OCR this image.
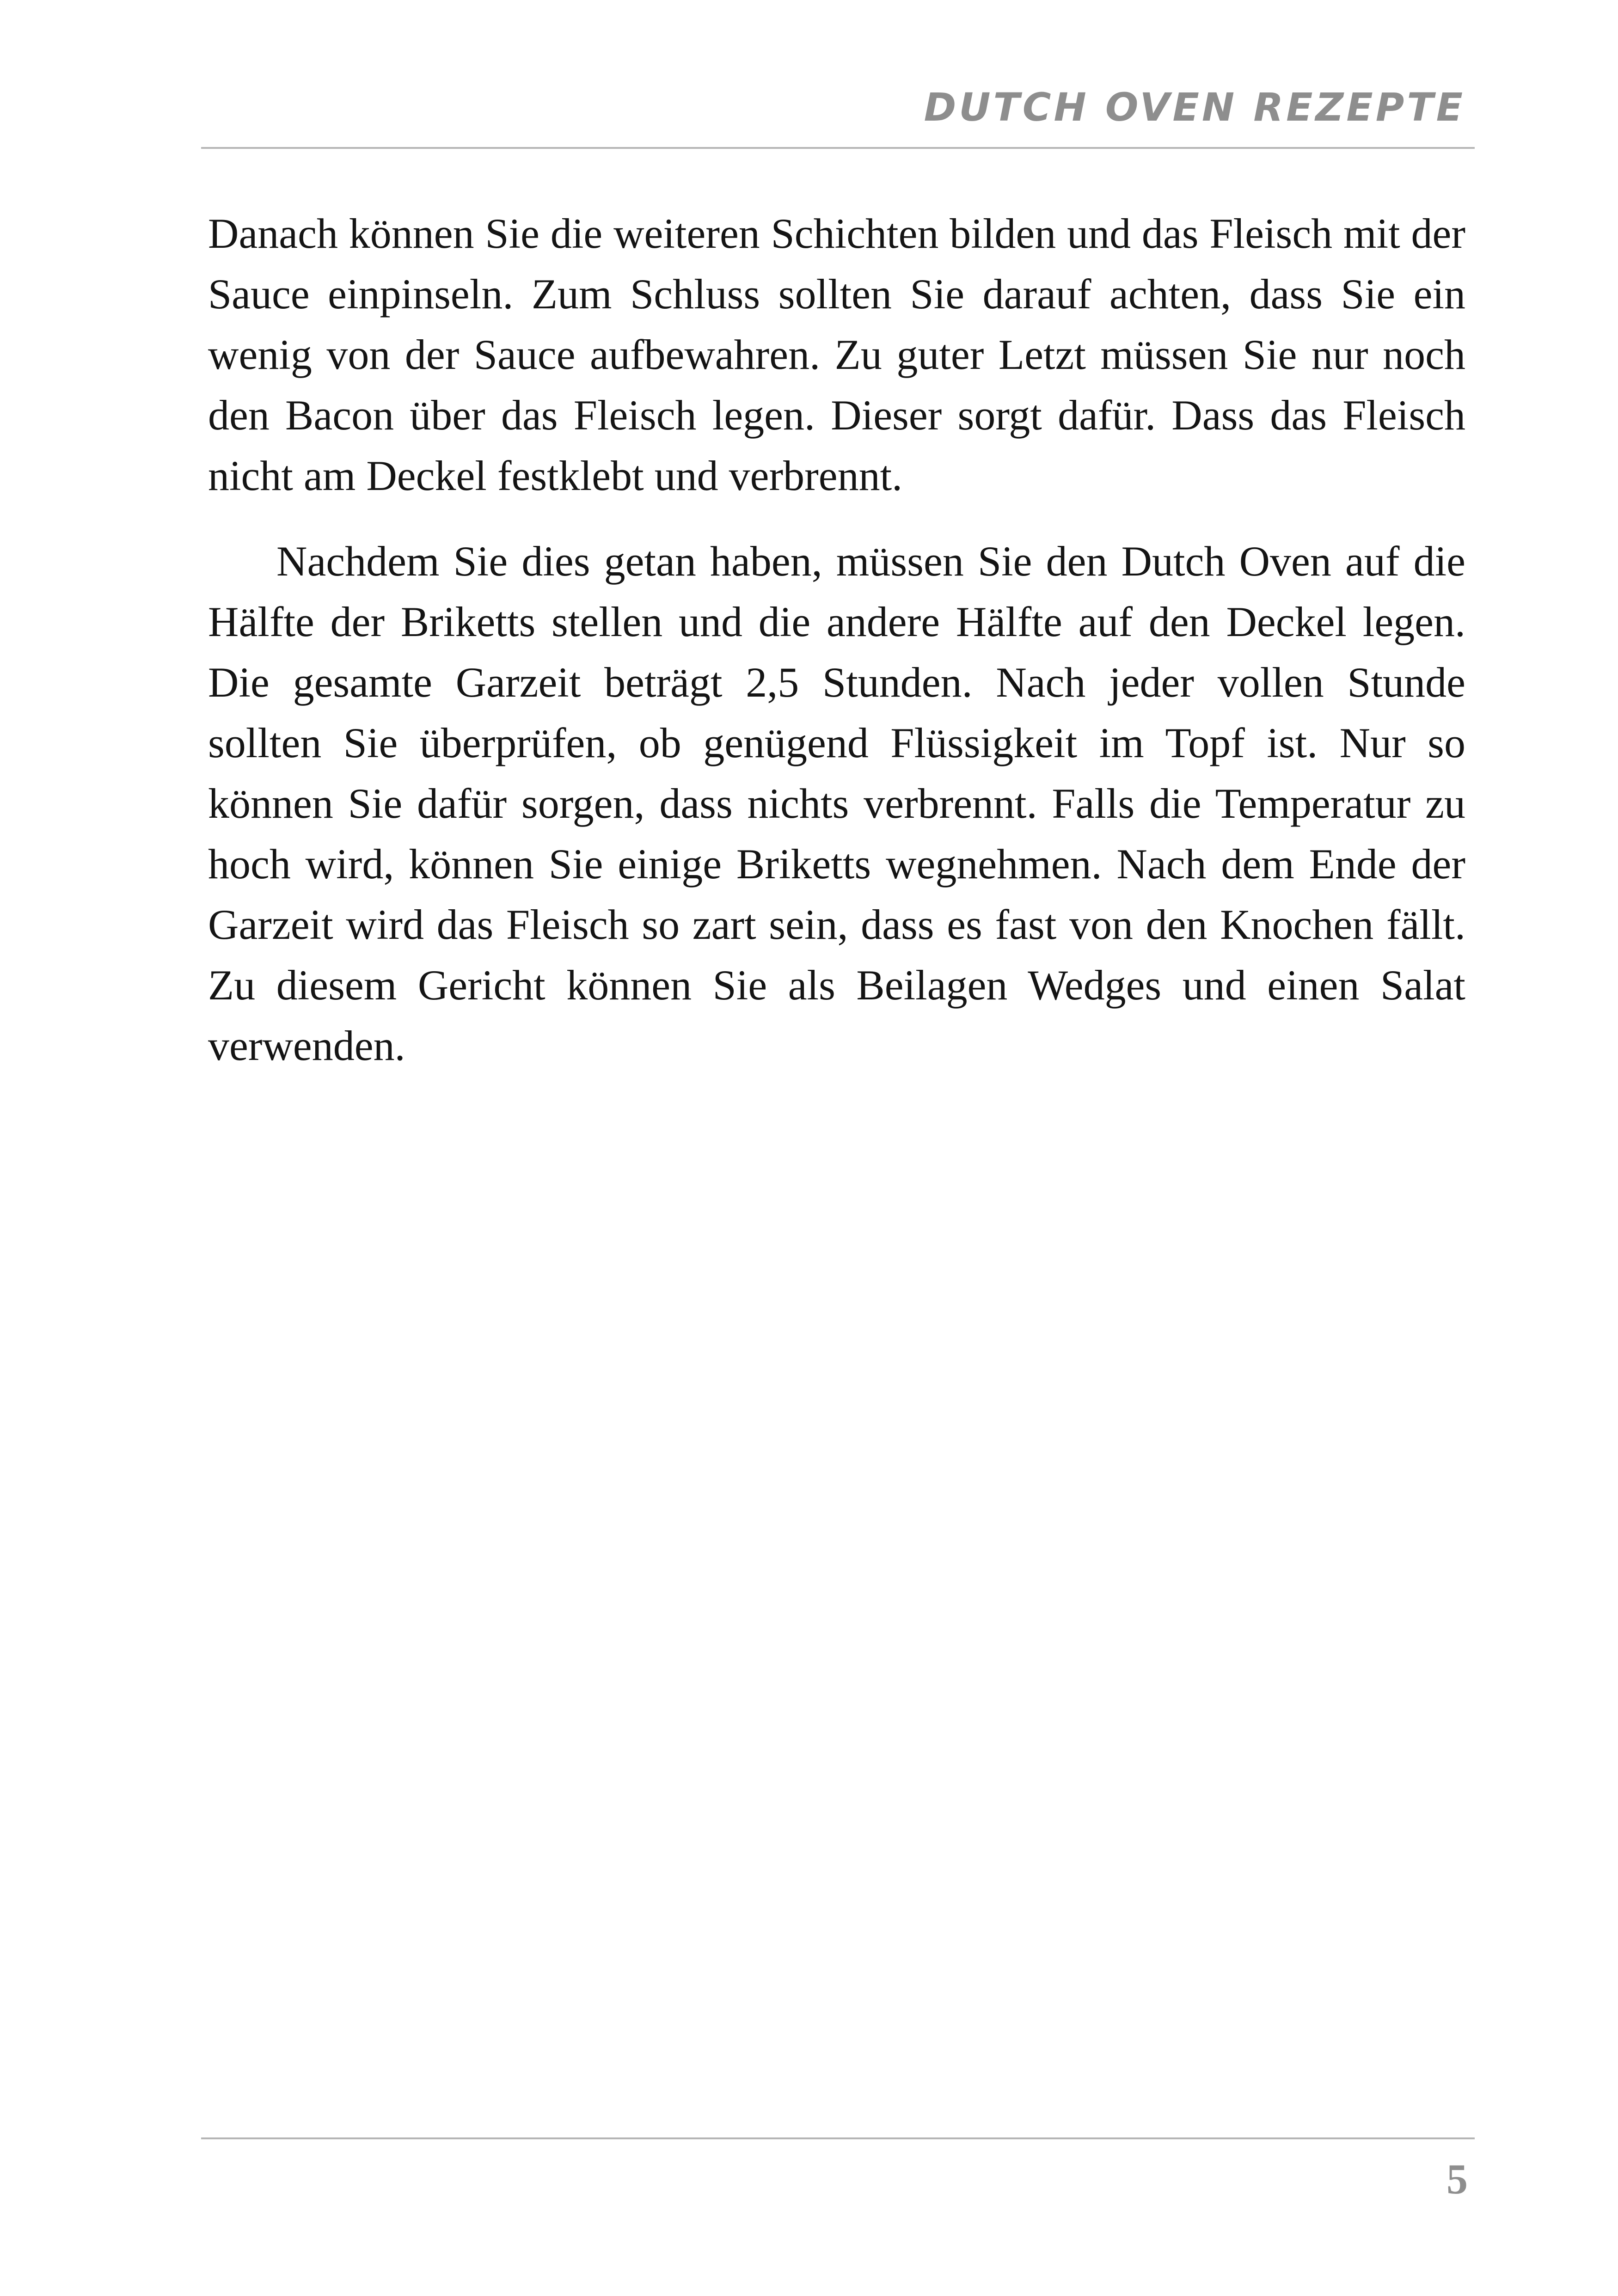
DUTCH OVEN REZEPTE

Danach können Sie die weiteren Schichten bilden und das Fleisch mit der Sauce einpinseln. Zum Schluss sollten Sie darauf achten, dass Sie ein wenig von der Sauce aufbewahren. Zu guter Letzt müssen Sie nur noch den Bacon über das Fleisch legen. Dieser sorgt dafür. Dass das Fleisch nicht am Deckel festklebt und verbrennt.

Nachdem Sie dies getan haben, müssen Sie den Dutch Oven auf die Hälfte der Briketts stellen und die andere Hälfte auf den Deckel legen. Die gesamte Garzeit beträgt 2,5 Stunden. Nach jeder vollen Stunde sollten Sie überprüfen, ob genügend Flüssigkeit im Topf ist. Nur so können Sie dafür sorgen, dass nichts verbrennt. Falls die Temperatur zu hoch wird, können Sie einige Briketts wegnehmen. Nach dem Ende der Garzeit wird das Fleisch so zart sein, dass es fast von den Knochen fällt. Zu diesem Gericht können Sie als Beilagen Wedges und einen Salat verwenden.

5
